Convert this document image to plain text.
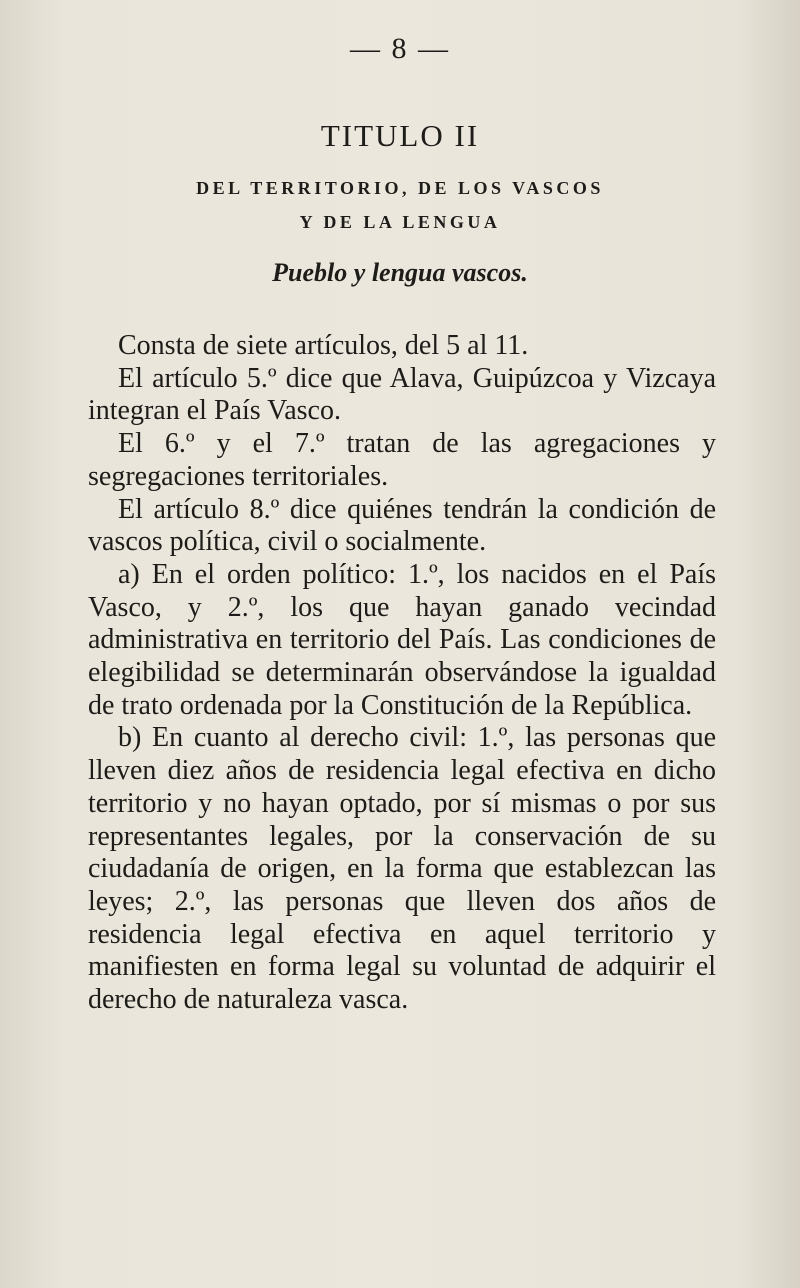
— 8 —
TITULO II
DEL TERRITORIO, DE LOS VASCOS
Y DE LA LENGUA
Pueblo y lengua vascos.

Consta de siete artículos, del 5 al 11.

El artículo 5.º dice que Alava, Guipúzcoa y Vizcaya integran el País Vasco.

El 6.º y el 7.º tratan de las agregaciones y segregaciones territoriales.

El artículo 8.º dice quiénes tendrán la condición de vascos política, civil o socialmente.

a) En el orden político: 1.º, los nacidos en el País Vasco, y 2.º, los que hayan ganado vecindad administrativa en territorio del País. Las condiciones de elegibilidad se determinarán observándose la igualdad de trato ordenada por la Constitución de la República.

b) En cuanto al derecho civil: 1.º, las personas que lleven diez años de residencia legal efectiva en dicho territorio y no hayan optado, por sí mismas o por sus representantes legales, por la conservación de su ciudadanía de origen, en la forma que establezcan las leyes; 2.º, las personas que lleven dos años de residencia legal efectiva en aquel territorio y manifiesten en forma legal su voluntad de adquirir el derecho de naturaleza vasca.
